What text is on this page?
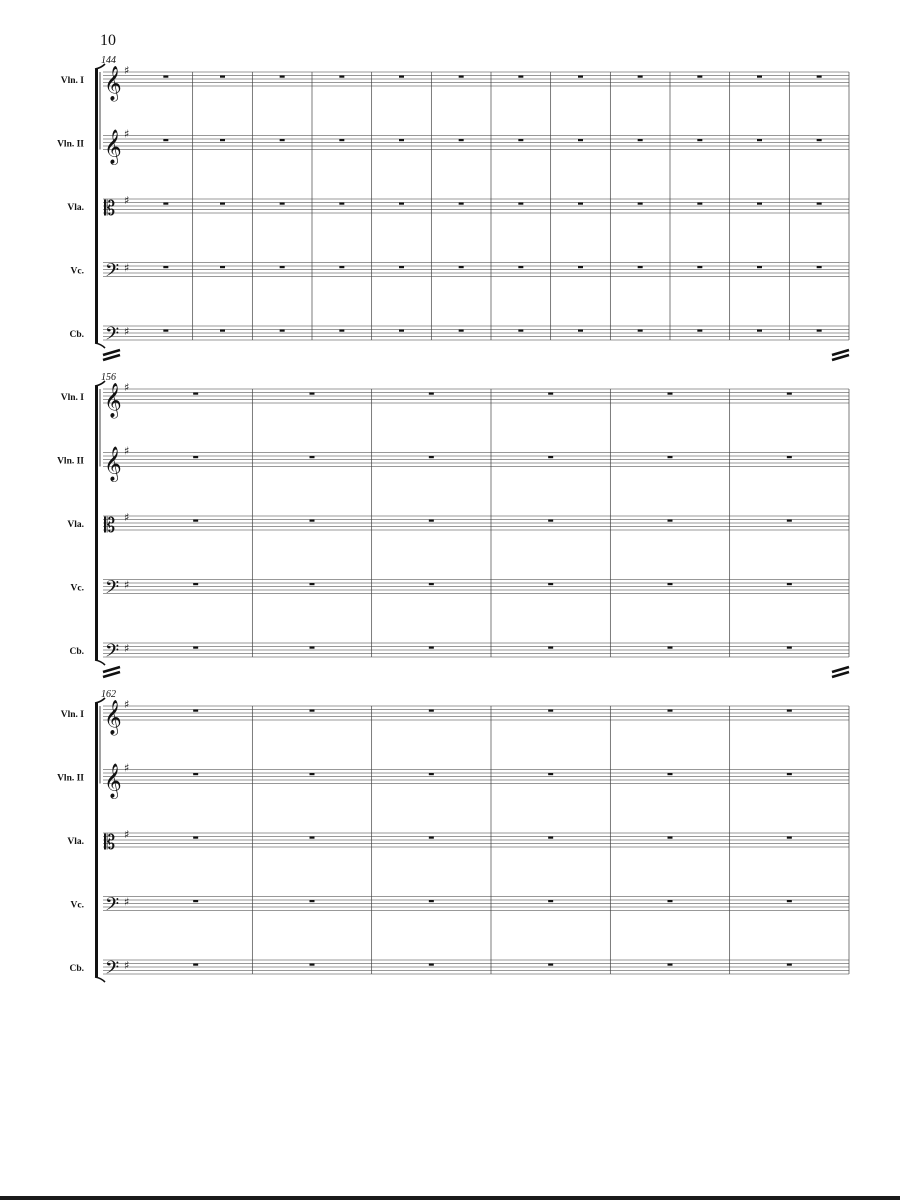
10
144
Vln. I 𝄞 ♯
Vln. II 𝄞 ♯
Vla. 𝄡 ♯
Vc. 𝄢 ♯
Cb. 𝄢 ♯
156
Vln. I 𝄞 ♯
Vln. II 𝄞 ♯
Vla. 𝄡 ♯
Vc. 𝄢 ♯
Cb. 𝄢 ♯
162
Vln. I 𝄞 ♯
Vln. II 𝄞 ♯
Vla. 𝄡 ♯
Vc. 𝄢 ♯
Cb. 𝄢 ♯
